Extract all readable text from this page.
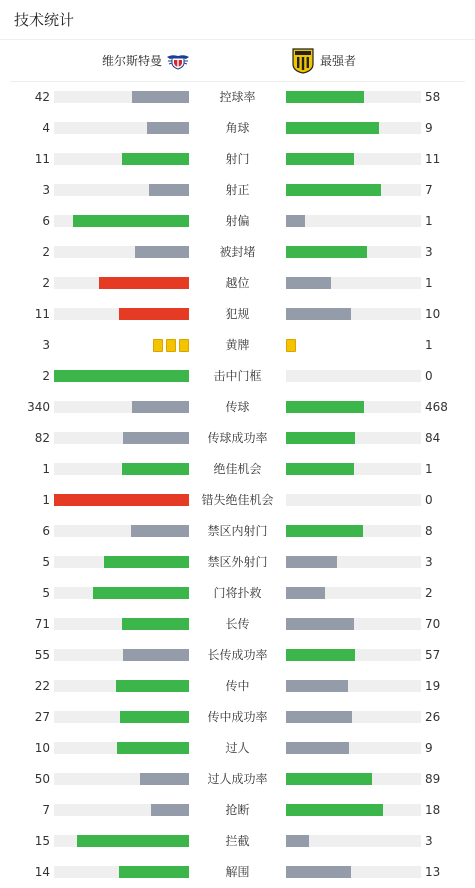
技术统计
维尔斯特曼	最强者
42	控球率	58
4	角球	9
11	射门	11
3	射正	7
6	射偏	1
2	被封堵	3
2	越位	1
11	犯规	10
3	黄牌	1
2	击中门框	0
340	传球	468
82	传球成功率	84
1	绝佳机会	1
1	错失绝佳机会	0
6	禁区内射门	8
5	禁区外射门	3
5	门将扑救	2
71	长传	70
55	长传成功率	57
22	传中	19
27	传中成功率	26
10	过人	9
50	过人成功率	89
7	抢断	18
15	拦截	3
14	解围	13
